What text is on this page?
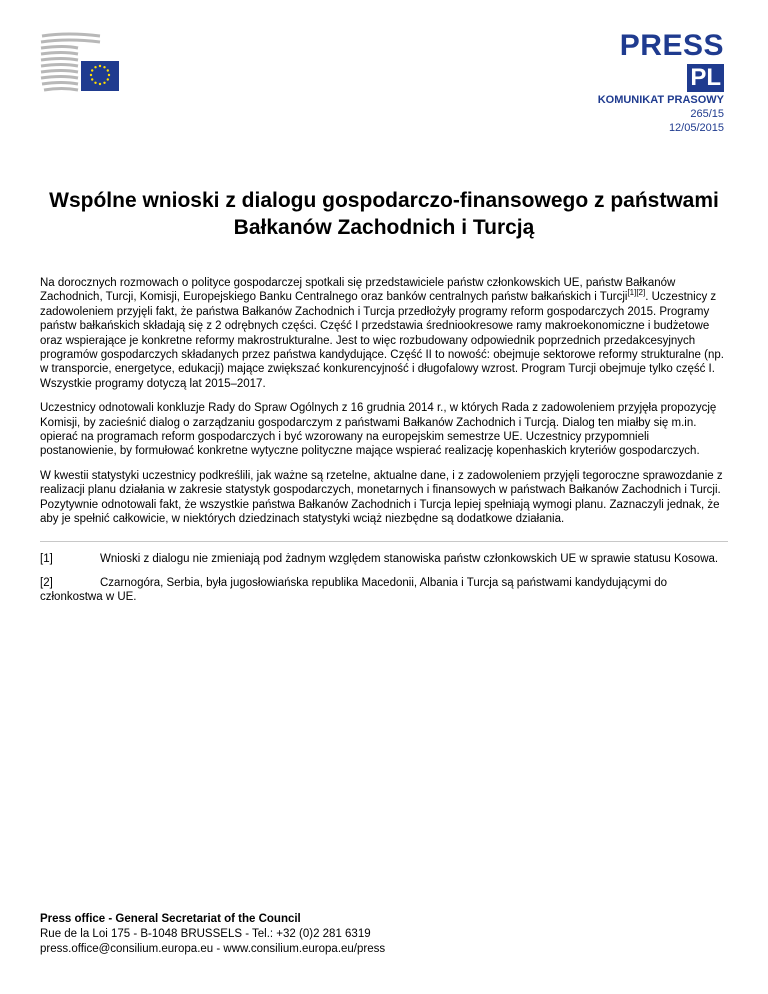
PRESS
PL
KOMUNIKAT PRASOWY
265/15
12/05/2015
Wspólne wnioski z dialogu gospodarczo-finansowego z państwami Bałkanów Zachodnich i Turcją

Na dorocznych rozmowach o polityce gospodarczej spotkali się przedstawiciele państw członkowskich UE, państw Bałkanów Zachodnich, Turcji, Komisji, Europejskiego Banku Centralnego oraz banków centralnych państw bałkańskich i Turcji[1][2]. Uczestnicy z zadowoleniem przyjęli fakt, że państwa Bałkanów Zachodnich i Turcja przedłożyły programy reform gospodarczych 2015. Programy państw bałkańskich składają się z 2 odrębnych części. Część I przedstawia średniookresowe ramy makroekonomiczne i budżetowe oraz wspierające je konkretne reformy makrostrukturalne. Jest to więc rozbudowany odpowiednik poprzednich przedakcesyjnych programów gospodarczych składanych przez państwa kandydujące. Część II to nowość: obejmuje sektorowe reformy strukturalne (np. w transporcie, energetyce, edukacji) mające zwiększać konkurencyjność i długofalowy wzrost. Program Turcji obejmuje tylko część I. Wszystkie programy dotyczą lat 2015–2017.

Uczestnicy odnotowali konkluzje Rady do Spraw Ogólnych z 16 grudnia 2014 r., w których Rada z zadowoleniem przyjęła propozycję Komisji, by zacieśnić dialog o zarządzaniu gospodarczym z państwami Bałkanów Zachodnich i Turcją. Dialog ten miałby się m.in. opierać na programach reform gospodarczych i być wzorowany na europejskim semestrze UE. Uczestnicy przypomnieli postanowienie, by formułować konkretne wytyczne polityczne mające wspierać realizację kopenhaskich kryteriów gospodarczych.

W kwestii statystyki uczestnicy podkreślili, jak ważne są rzetelne, aktualne dane, i z zadowoleniem przyjęli tegoroczne sprawozdanie z realizacji planu działania w zakresie statystyk gospodarczych, monetarnych i finansowych w państwach Bałkanów Zachodnich i Turcji. Pozytywnie odnotowali fakt, że wszystkie państwa Bałkanów Zachodnich i Turcja lepiej spełniają wymogi planu. Zaznaczyli jednak, że aby je spełnić całkowicie, w niektórych dziedzinach statystyki wciąż niezbędne są dodatkowe działania.

[1]	Wnioski z dialogu nie zmieniają pod żadnym względem stanowiska państw członkowskich UE w sprawie statusu Kosowa.

[2]	Czarnogóra, Serbia, była jugosłowiańska republika Macedonii, Albania i Turcja są państwami kandydującymi do członkostwa w UE.

Press office - General Secretariat of the Council
Rue de la Loi 175 - B-1048 BRUSSELS - Tel.: +32 (0)2 281 6319
press.office@consilium.europa.eu - www.consilium.europa.eu/press
